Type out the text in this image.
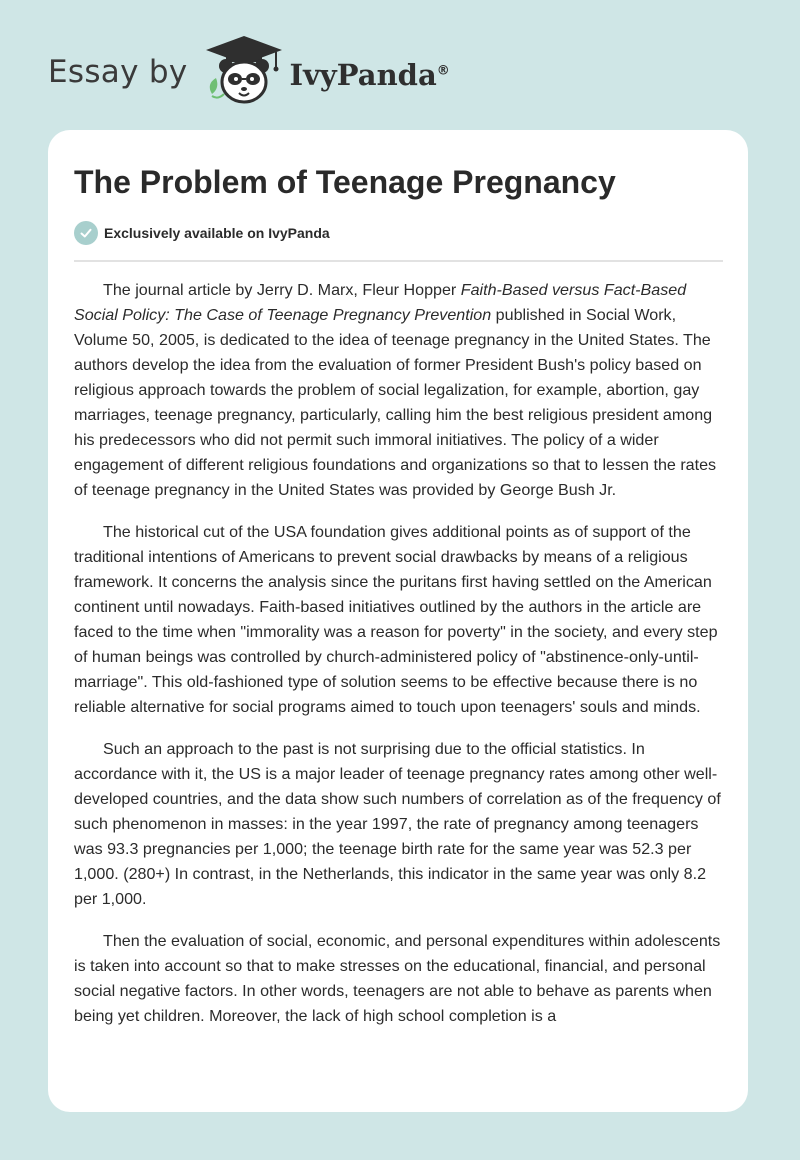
Essay by	IvyPanda®
The Problem of Teenage Pregnancy
Exclusively available on IvyPanda

The journal article by Jerry D. Marx, Fleur Hopper Faith-Based versus Fact-Based Social Policy: The Case of Teenage Pregnancy Prevention published in Social Work, Volume 50, 2005, is dedicated to the idea of teenage pregnancy in the United States. The authors develop the idea from the evaluation of former President Bush's policy based on religious approach towards the problem of social legalization, for example, abortion, gay marriages, teenage pregnancy, particularly, calling him the best religious president among his predecessors who did not permit such immoral initiatives. The policy of a wider engagement of different religious foundations and organizations so that to lessen the rates of teenage pregnancy in the United States was provided by George Bush Jr.

The historical cut of the USA foundation gives additional points as of support of the traditional intentions of Americans to prevent social drawbacks by means of a religious framework. It concerns the analysis since the puritans first having settled on the American continent until nowadays. Faith-based initiatives outlined by the authors in the article are faced to the time when "immorality was a reason for poverty" in the society, and every step of human beings was controlled by church-administered policy of "abstinence-only-until-marriage". This old-fashioned type of solution seems to be effective because there is no reliable alternative for social programs aimed to touch upon teenagers' souls and minds.

Such an approach to the past is not surprising due to the official statistics. In accordance with it, the US is a major leader of teenage pregnancy rates among other well-developed countries, and the data show such numbers of correlation as of the frequency of such phenomenon in masses: in the year 1997, the rate of pregnancy among teenagers was 93.3 pregnancies per 1,000; the teenage birth rate for the same year was 52.3 per 1,000. (280+) In contrast, in the Netherlands, this indicator in the same year was only 8.2 per 1,000.

Then the evaluation of social, economic, and personal expenditures within adolescents is taken into account so that to make stresses on the educational, financial, and personal social negative factors. In other words, teenagers are not able to behave as parents when being yet children. Moreover, the lack of high school completion is a
